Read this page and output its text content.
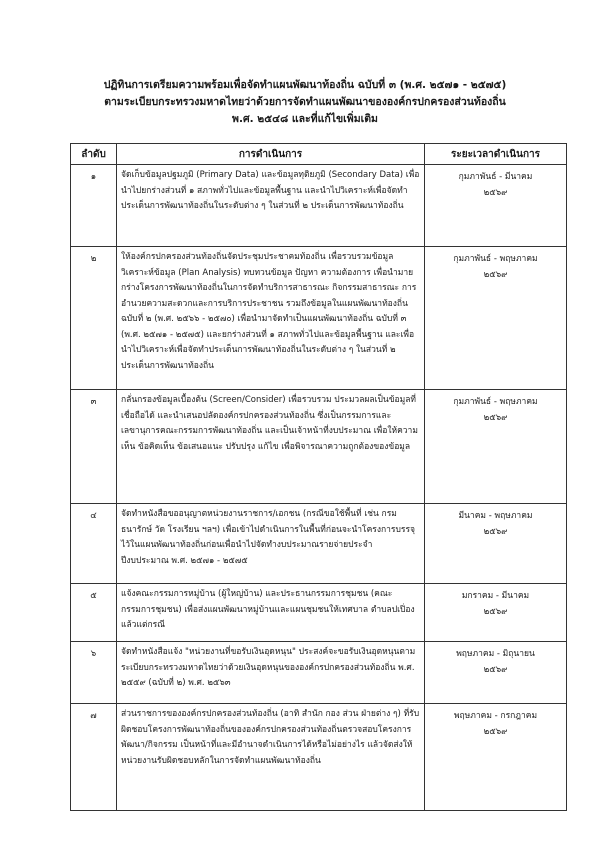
ปฏิทินการเตรียมความพร้อมเพื่อจัดทำแผนพัฒนาท้องถิ่น ฉบับที่ ๓ (พ.ศ. ๒๕๗๑ - ๒๕๗๕)
ตามระเบียบกระทรวงมหาดไทยว่าด้วยการจัดทำแผนพัฒนาขององค์กรปกครองส่วนท้องถิ่น
พ.ศ. ๒๕๔๘ และที่แก้ไขเพิ่มเติม
ลำดับ	การดำเนินการ	ระยะเวลาดำเนินการ
๑	จัดเก็บข้อมูลปฐมภูมิ (Primary Data) และข้อมูลทุติยภูมิ (Secondary Data) เพื่อนำไปยกร่างส่วนที่ ๑ สภาพทั่วไปและข้อมูลพื้นฐาน และนำไปวิเคราะห์เพื่อจัดทำประเด็นการพัฒนาท้องถิ่นในระดับต่าง ๆ ในส่วนที่ ๒ ประเด็นการพัฒนาท้องถิ่น	กุมภาพันธ์ - มีนาคม
๒๕๖๙

๒	ให้องค์กรปกครองส่วนท้องถิ่นจัดประชุมประชาคมท้องถิ่น เพื่อรวบรวมข้อมูล วิเคราะห์ข้อมูล (Plan Analysis) ทบทวนข้อมูล ปัญหา ความต้องการ เพื่อนำมายกร่างโครงการพัฒนาท้องถิ่นในการจัดทำบริการสาธารณะ กิจกรรมสาธารณะ การอำนวยความสะดวกและการบริการประชาชน รวมถึงข้อมูลในแผนพัฒนาท้องถิ่น ฉบับที่ ๒ (พ.ศ. ๒๕๖๖ - ๒๕๗๐) เพื่อนำมาจัดทำเป็นแผนพัฒนาท้องถิ่น ฉบับที่ ๓ (พ.ศ. ๒๕๗๑ - ๒๕๗๕) และยกร่างส่วนที่ ๑ สภาพทั่วไปและข้อมูลพื้นฐาน และเพื่อนำไปวิเคราะห์เพื่อจัดทำประเด็นการพัฒนาท้องถิ่นในระดับต่าง ๆ ในส่วนที่ ๒ ประเด็นการพัฒนาท้องถิ่น	กุมภาพันธ์ - พฤษภาคม
๒๕๖๙

๓	กลั่นกรองข้อมูลเบื้องต้น (Screen/Consider) เพื่อรวบรวม ประมวลผลเป็นข้อมูลที่เชื่อถือได้ และนำเสนอปลัดองค์กรปกครองส่วนท้องถิ่น ซึ่งเป็นกรรมการและเลขานุการคณะกรรมการพัฒนาท้องถิ่น และเป็นเจ้าหน้าที่งบประมาณ เพื่อให้ความเห็น ข้อคิดเห็น ข้อเสนอแนะ ปรับปรุง แก้ไข เพื่อพิจารณาความถูกต้องของข้อมูล	กุมภาพันธ์ - พฤษภาคม
๒๕๖๙

๔	จัดทำหนังสือขออนุญาตหน่วยงานราชการ/เอกชน (กรณีขอใช้พื้นที่ เช่น กรมธนารักษ์ วัด โรงเรียน ฯลฯ) เพื่อเข้าไปดำเนินการในพื้นที่ก่อนจะนำโครงการบรรจุไว้ในแผนพัฒนาท้องถิ่นก่อนเพื่อนำไปจัดทำงบประมาณรายจ่ายประจำปีงบประมาณ พ.ศ. ๒๕๗๑ - ๒๕๗๕	มีนาคม - พฤษภาคม
๒๕๖๙

๕	แจ้งคณะกรรมการหมู่บ้าน (ผู้ใหญ่บ้าน) และประธานกรรมการชุมชน (คณะกรรมการชุมชน) เพื่อส่งแผนพัฒนาหมู่บ้านและแผนชุมชนให้เทศบาล ตำบลปเปิ่อง แล้วแต่กรณี	มกราคม - มีนาคม
๒๕๖๙

๖	จัดทำหนังสือแจ้ง "หน่วยงานที่ขอรับเงินอุดหนุน" ประสงค์จะขอรับเงินอุดหนุนตามระเบียบกระทรวงมหาดไทยว่าด้วยเงินอุดหนุนขององค์กรปกครองส่วนท้องถิ่น พ.ศ. ๒๕๕๙ (ฉบับที่ ๒) พ.ศ. ๒๕๖๓	พฤษภาคม - มิถุนายน
๒๕๖๙

๗	ส่วนราชการขององค์กรปกครองส่วนท้องถิ่น (อาทิ สำนัก กอง ส่วน ฝ่ายต่าง ๆ) ที่รับผิดชอบโครงการพัฒนาท้องถิ่นขององค์กรปกครองส่วนท้องถิ่นตรวจสอบโครงการพัฒนา/กิจกรรม เป็นหน้าที่และมีอำนาจดำเนินการได้หรือไม่อย่างไร แล้วจัดส่งให้หน่วยงานรับผิดชอบหลักในการจัดทำแผนพัฒนาท้องถิ่น	พฤษภาคม - กรกฎาคม
๒๕๖๙
